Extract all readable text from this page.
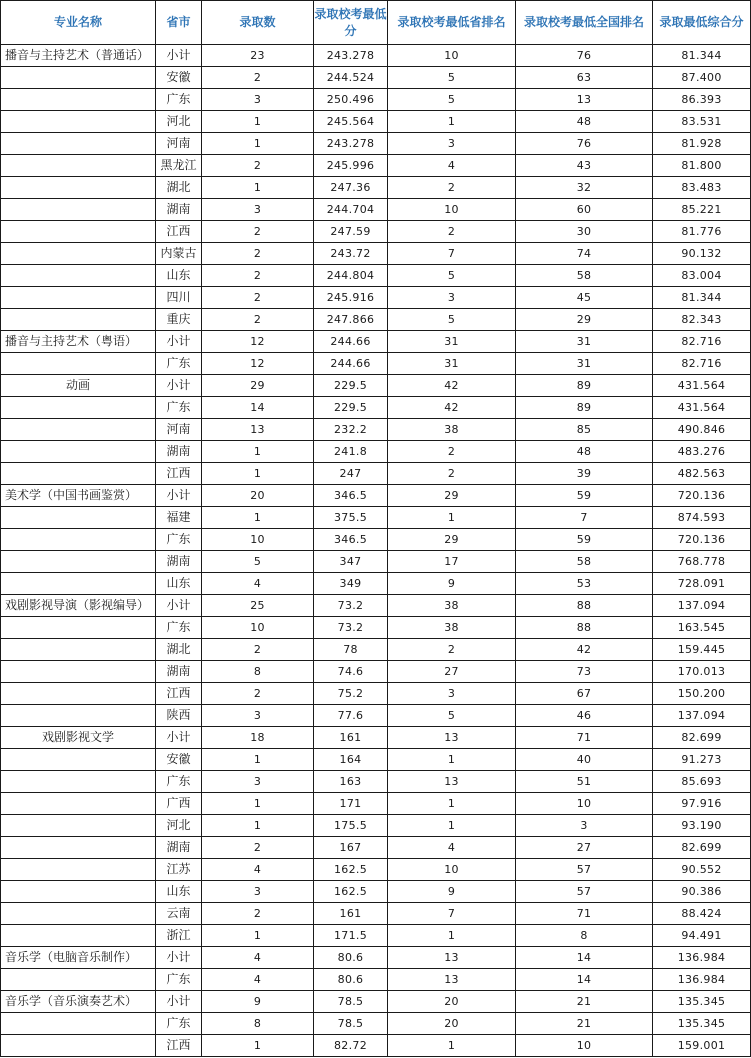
专业名称	省市	录取数	录取校考最低分	录取校考最低省排名	录取校考最低全国排名	录取最低综合分
播音与主持艺术（普通话）	小计	23	243.278	10	76	81.344
	安徽	2	244.524	5	63	87.400
	广东	3	250.496	5	13	86.393
	河北	1	245.564	1	48	83.531
	河南	1	243.278	3	76	81.928
	黑龙江	2	245.996	4	43	81.800
	湖北	1	247.36	2	32	83.483
	湖南	3	244.704	10	60	85.221
	江西	2	247.59	2	30	81.776
	内蒙古	2	243.72	7	74	90.132
	山东	2	244.804	5	58	83.004
	四川	2	245.916	3	45	81.344
	重庆	2	247.866	5	29	82.343
播音与主持艺术（粤语）	小计	12	244.66	31	31	82.716
	广东	12	244.66	31	31	82.716
动画	小计	29	229.5	42	89	431.564
	广东	14	229.5	42	89	431.564
	河南	13	232.2	38	85	490.846
	湖南	1	241.8	2	48	483.276
	江西	1	247	2	39	482.563
美术学（中国书画鉴赏）	小计	20	346.5	29	59	720.136
	福建	1	375.5	1	7	874.593
	广东	10	346.5	29	59	720.136
	湖南	5	347	17	58	768.778
	山东	4	349	9	53	728.091
戏剧影视导演（影视编导）	小计	25	73.2	38	88	137.094
	广东	10	73.2	38	88	163.545
	湖北	2	78	2	42	159.445
	湖南	8	74.6	27	73	170.013
	江西	2	75.2	3	67	150.200
	陕西	3	77.6	5	46	137.094
戏剧影视文学	小计	18	161	13	71	82.699
	安徽	1	164	1	40	91.273
	广东	3	163	13	51	85.693
	广西	1	171	1	10	97.916
	河北	1	175.5	1	3	93.190
	湖南	2	167	4	27	82.699
	江苏	4	162.5	10	57	90.552
	山东	3	162.5	9	57	90.386
	云南	2	161	7	71	88.424
	浙江	1	171.5	1	8	94.491
音乐学（电脑音乐制作）	小计	4	80.6	13	14	136.984
	广东	4	80.6	13	14	136.984
音乐学（音乐演奏艺术）	小计	9	78.5	20	21	135.345
	广东	8	78.5	20	21	135.345
	江西	1	82.72	1	10	159.001
